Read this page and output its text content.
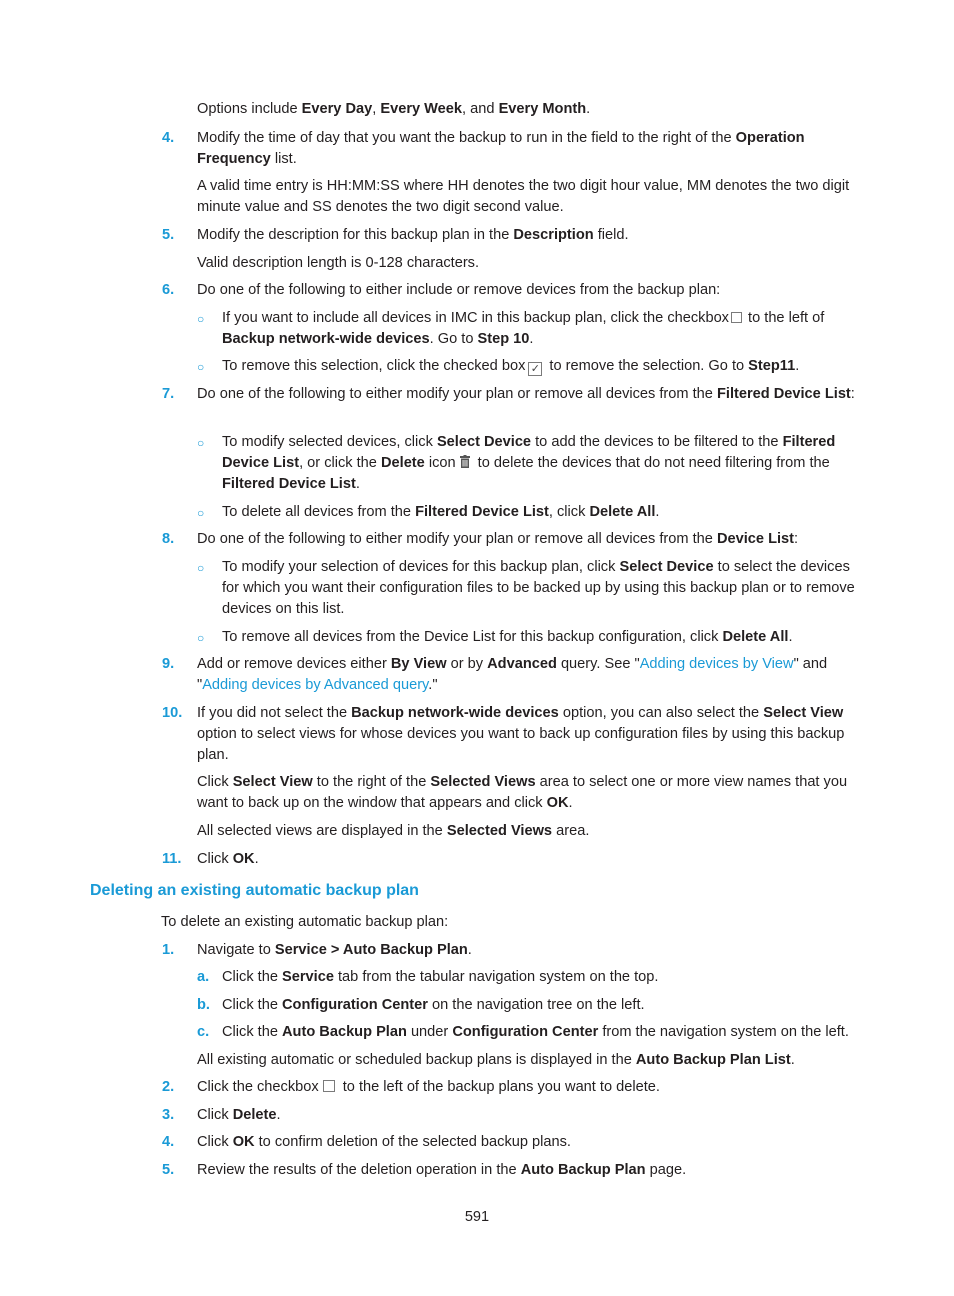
Options include Every Day, Every Week, and Every Month.

4. Modify the time of day that you want the backup to run in the field to the right of the Operation Frequency list.

A valid time entry is HH:MM:SS where HH denotes the two digit hour value, MM denotes the two digit minute value and SS denotes the two digit second value.

5. Modify the description for this backup plan in the Description field.

Valid description length is 0-128 characters.

6. Do one of the following to either include or remove devices from the backup plan:

○ If you want to include all devices in IMC in this backup plan, click the checkbox to the left of Backup network-wide devices. Go to Step 10.

○ To remove this selection, click the checked box ✓ to remove the selection. Go to Step11.

7. Do one of the following to either modify your plan or remove all devices from the Filtered Device List:

○ To modify selected devices, click Select Device to add the devices to be filtered to the Filtered Device List, or click the Delete icon
to delete the devices that do not need filtering from the Filtered Device List.

○ To delete all devices from the Filtered Device List, click Delete All.

8. Do one of the following to either modify your plan or remove all devices from the Device List:

○ To modify your selection of devices for this backup plan, click Select Device to select the devices for which you want their configuration files to be backed up by using this backup plan or to remove devices on this list.

○ To remove all devices from the Device List for this backup configuration, click Delete All.

9. Add or remove devices either By View or by Advanced query. See "Adding devices by View" and "Adding devices by Advanced query."

10. If you did not select the Backup network-wide devices option, you can also select the Select View option to select views for whose devices you want to back up configuration files by using this backup plan.

Click Select View to the right of the Selected Views area to select one or more view names that you want to back up on the window that appears and click OK.

All selected views are displayed in the Selected Views area.

11. Click OK.

Deleting an existing automatic backup plan

To delete an existing automatic backup plan:

1. Navigate to Service > Auto Backup Plan.

a. Click the Service tab from the tabular navigation system on the top.

b. Click the Configuration Center on the navigation tree on the left.

c. Click the Auto Backup Plan under Configuration Center from the navigation system on the left.

All existing automatic or scheduled backup plans is displayed in the Auto Backup Plan List.

2. Click the checkbox to the left of the backup plans you want to delete.

3. Click Delete.

4. Click OK to confirm deletion of the selected backup plans.

5. Review the results of the deletion operation in the Auto Backup Plan page.

591
